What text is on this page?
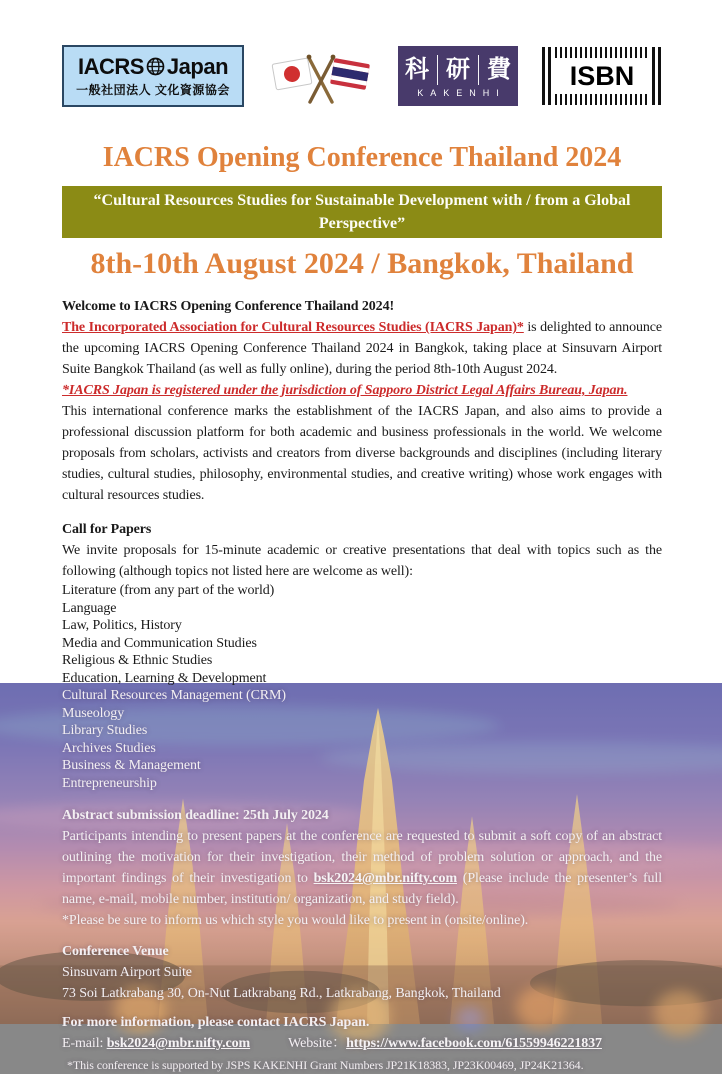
IACRS Japan
一般社団法人 文化資源協会
科 研 費
KAKENHI
ISBN
IACRS Opening Conference Thailand 2024
“Cultural Resources Studies for Sustainable Development with / from a Global Perspective”
8th-10th August 2024 / Bangkok, Thailand
Welcome to IACRS Opening Conference Thailand 2024!
The Incorporated Association for Cultural Resources Studies (IACRS Japan)* is delighted to announce the upcoming IACRS Opening Conference Thailand 2024 in Bangkok, taking place at Sinsuvarn Airport Suite Bangkok Thailand (as well as fully online), during the period 8th-10th August 2024.
*IACRS Japan is registered under the jurisdiction of Sapporo District Legal Affairs Bureau, Japan.
This international conference marks the establishment of the IACRS Japan, and also aims to provide a professional discussion platform for both academic and business professionals in the world. We welcome proposals from scholars, activists and creators from diverse backgrounds and disciplines (including literary studies, cultural studies, philosophy, environmental studies, and creative writing) whose work engages with cultural resources studies.
Call for Papers
We invite proposals for 15-minute academic or creative presentations that deal with topics such as the following (although topics not listed here are welcome as well):
Literature (from any part of the world)
Language
Law, Politics, History
Media and Communication Studies
Religious & Ethnic Studies
Education, Learning & Development
Cultural Resources Management (CRM)
Museology
Library Studies
Archives Studies
Business & Management
Entrepreneurship
Abstract submission deadline: 25th July 2024
Participants intending to present papers at the conference are requested to submit a soft copy of an abstract outlining the motivation for their investigation, their method of problem solution or approach, and the important findings of their investigation to bsk2024@mbr.nifty.com (Please include the presenter’s full name, e-mail, mobile number, institution/ organization, and study field).
*Please be sure to inform us which style you would like to present in (onsite/online).
Conference Venue
Sinsuvarn Airport Suite
73 Soi Latkrabang 30, On-Nut Latkrabang Rd., Latkrabang, Bangkok, Thailand
For more information, please contact IACRS Japan.
E-mail: bsk2024@mbr.nifty.com	Website：https://www.facebook.com/61559946221837
*This conference is supported by JSPS KAKENHI Grant Numbers JP21K18383, JP23K00469, JP24K21364.
